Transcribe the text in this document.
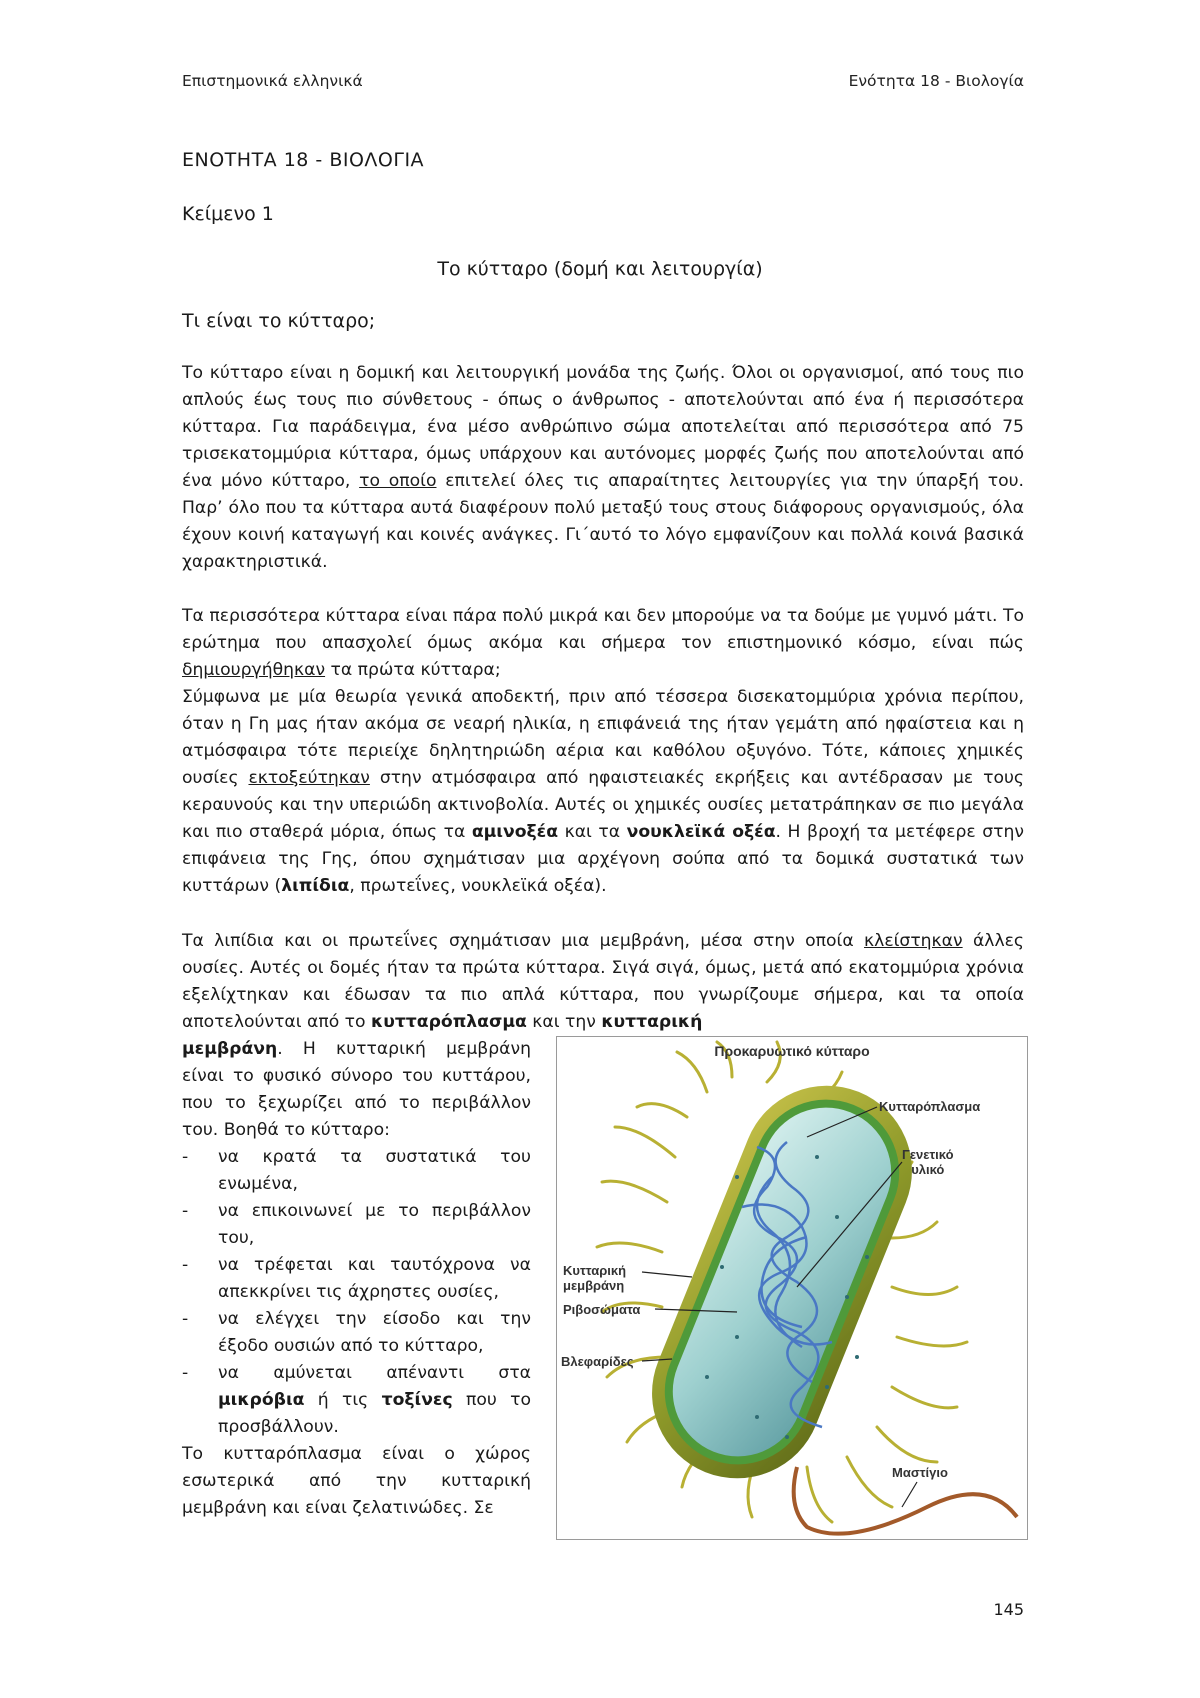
Επιστημονικά ελληνικά	Ενότητα 18 - Βιολογία
ΕΝΟΤΗΤΑ 18 - ΒΙΟΛΟΓΙΑ
Κείμενο 1
Το κύτταρο (δομή και λειτουργία)
Τι είναι το κύτταρο;

Το κύτταρο είναι η δομική και λειτουργική μονάδα της ζωής. Όλοι οι οργανισμοί, από τους πιο απλούς έως τους πιο σύνθετους - όπως ο άνθρωπος - αποτελούνται από ένα ή περισσότερα κύτταρα. Για παράδειγμα, ένα μέσο ανθρώπινο σώμα αποτελείται από περισσότερα από 75 τρισεκατομμύρια κύτταρα, όμως υπάρχουν και αυτόνομες μορφές ζωής που αποτελούνται από ένα μόνο κύτταρο, το οποίο επιτελεί όλες τις απαραίτητες λειτουργίες για την ύπαρξή του. Παρ’ όλο που τα κύτταρα αυτά διαφέρουν πολύ μεταξύ τους στους διάφορους οργανισμούς, όλα έχουν κοινή καταγωγή και κοινές ανάγκες. Γι΄αυτό το λόγο εμφανίζουν και πολλά κοινά βασικά χαρακτηριστικά.

Τα περισσότερα κύτταρα είναι πάρα πολύ μικρά και δεν μπορούμε να τα δούμε με γυμνό μάτι. Το ερώτημα που απασχολεί όμως ακόμα και σήμερα τον επιστημονικό κόσμο, είναι πώς δημιουργήθηκαν τα πρώτα κύτταρα;

Σύμφωνα με μία θεωρία γενικά αποδεκτή, πριν από τέσσερα δισεκατομμύρια χρόνια περίπου, όταν η Γη μας ήταν ακόμα σε νεαρή ηλικία, η επιφάνειά της ήταν γεμάτη από ηφαίστεια και η ατμόσφαιρα τότε περιείχε δηλητηριώδη αέρια και καθόλου οξυγόνο. Τότε, κάποιες χημικές ουσίες εκτοξεύτηκαν στην ατμόσφαιρα από ηφαιστειακές εκρήξεις και αντέδρασαν με τους κεραυνούς και την υπεριώδη ακτινοβολία. Αυτές οι χημικές ουσίες μετατράπηκαν σε πιο μεγάλα και πιο σταθερά μόρια, όπως τα αμινοξέα και τα νουκλεϊκά οξέα. Η βροχή τα μετέφερε στην επιφάνεια της Γης, όπου σχημάτισαν μια αρχέγονη σούπα από τα δομικά συστατικά των κυττάρων (λιπίδια, πρωτεΐνες, νουκλεϊκά οξέα).

Τα λιπίδια και οι πρωτεΐνες σχημάτισαν μια μεμβράνη, μέσα στην οποία κλείστηκαν άλλες ουσίες. Αυτές οι δομές ήταν τα πρώτα κύτταρα. Σιγά σιγά, όμως, μετά από εκατομμύρια χρόνια εξελίχτηκαν και έδωσαν τα πιο απλά κύτταρα, που γνωρίζουμε σήμερα, και τα οποία αποτελούνται από το κυτταρόπλασμα και την κυτταρική

μεμβράνη. Η κυτταρική μεμβράνη είναι το φυσικό σύνορο του κυττάρου, που το ξεχωρίζει από το περιβάλλον του. Βοηθά το κύτταρο:

- να κρατά τα συστατικά του ενωμένα,
- να επικοινωνεί με το περιβάλλον του,
- να τρέφεται και ταυτόχρονα να απεκκρίνει τις άχρηστες ουσίες,
- να ελέγχει την είσοδο και την έξοδο ουσιών από το κύτταρο,
- να αμύνεται απέναντι στα μικρόβια ή τις τοξίνες που το προσβάλλουν.

Το κυτταρόπλασμα είναι ο χώρος εσωτερικά από την κυτταρική μεμβράνη και είναι ζελατινώδες. Σε

Προκαρυωτικό κύτταρο
Κυτταρόπλασμα
Γενετικό
υλικό
Κυτταρική
μεμβράνη
Ριβοσώματα
Βλεφαρίδες
Μαστίγιο
145
